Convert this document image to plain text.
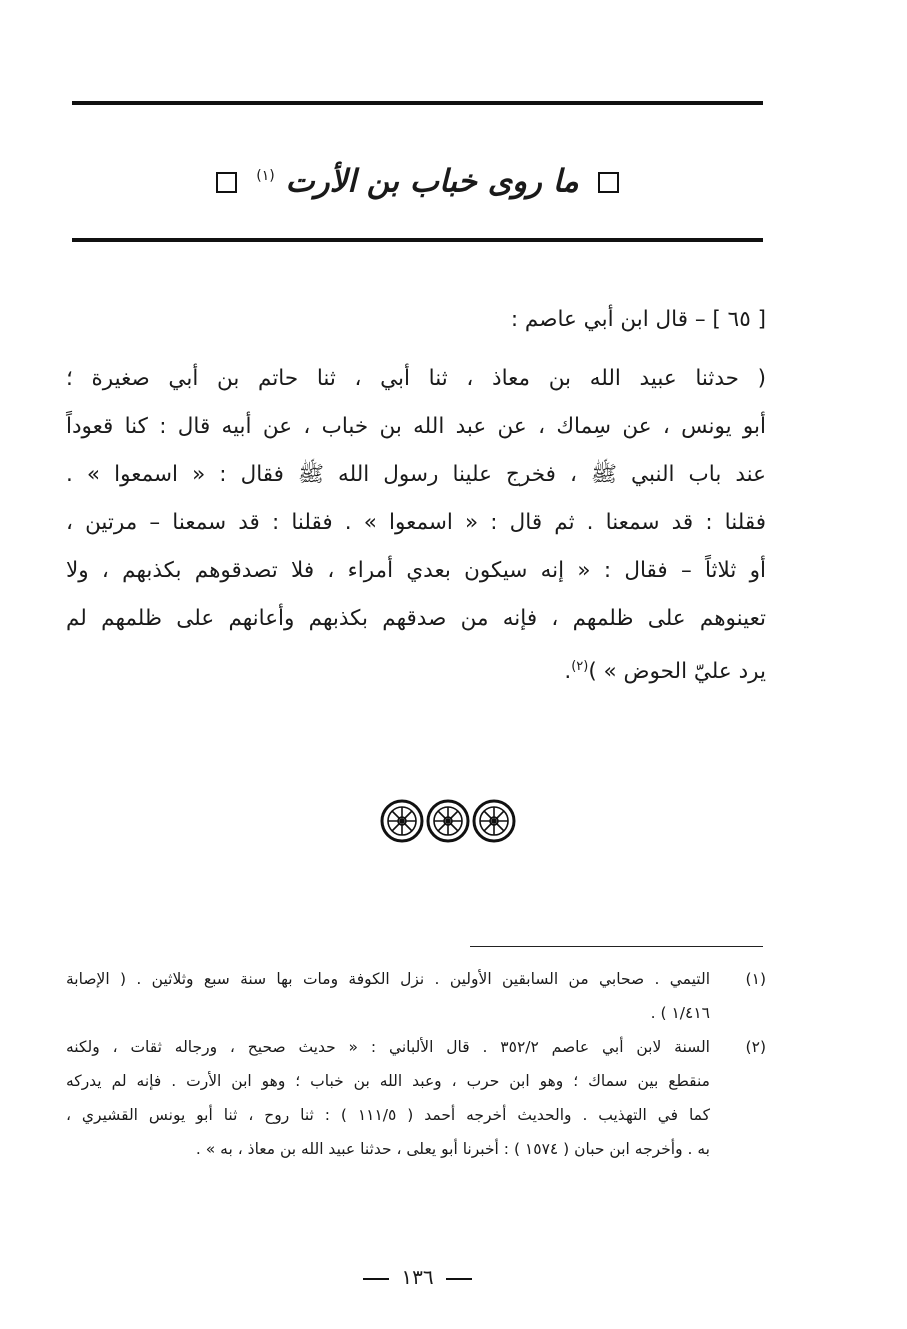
ما روى خباب بن الأرت $^{(١)}$
[ ٦٥ ] – قال ابن أبي عاصم :
( حدثنا عبيد الله بن معاذ ، ثنا أبي ، ثنا حاتم بن أبي صغيرة ؛
أبو يونس ، عن سِماك ، عن عبد الله بن خباب ، عن أبيه قال : كنا قعوداً
عند باب النبي ﷺ ، فخرج علينا رسول الله ﷺ فقال : « اسمعوا » .
فقلنا : قد سمعنا . ثم قال : « اسمعوا » . فقلنا : قد سمعنا – مرتين ،
أو ثلاثاً – فقال : « إنه سيكون بعدي أمراء ، فلا تصدقوهم بكذبهم ، ولا
تعينوهم على ظلمهم ، فإنه من صدقهم بكذبهم وأعانهم على ظلمهم لم
يرد عليّ الحوض » )$^{(٢)}$.
(١)
التيمي . صحابي من السابقين الأولين . نزل الكوفة ومات بها سنة سبع وثلاثين . ( الإصابة
١/٤١٦ ) .
(٢)
السنة لابن أبي عاصم ٣٥٢/٢ . قال الألباني : « حديث صحيح ، ورجاله ثقات ، ولكنه
منقطع بين سماك ؛ وهو ابن حرب ، وعبد الله بن خباب ؛ وهو ابن الأرت . فإنه لم يدركه
كما في التهذيب . والحديث أخرجه أحمد ( ١١١/٥ ) : ثنا روح ، ثنا أبو يونس القشيري ،
به . وأخرجه ابن حبان ( ١٥٧٤ ) : أخبرنا أبو يعلى ، حدثنا عبيد الله بن معاذ ، به » .
١٣٦
